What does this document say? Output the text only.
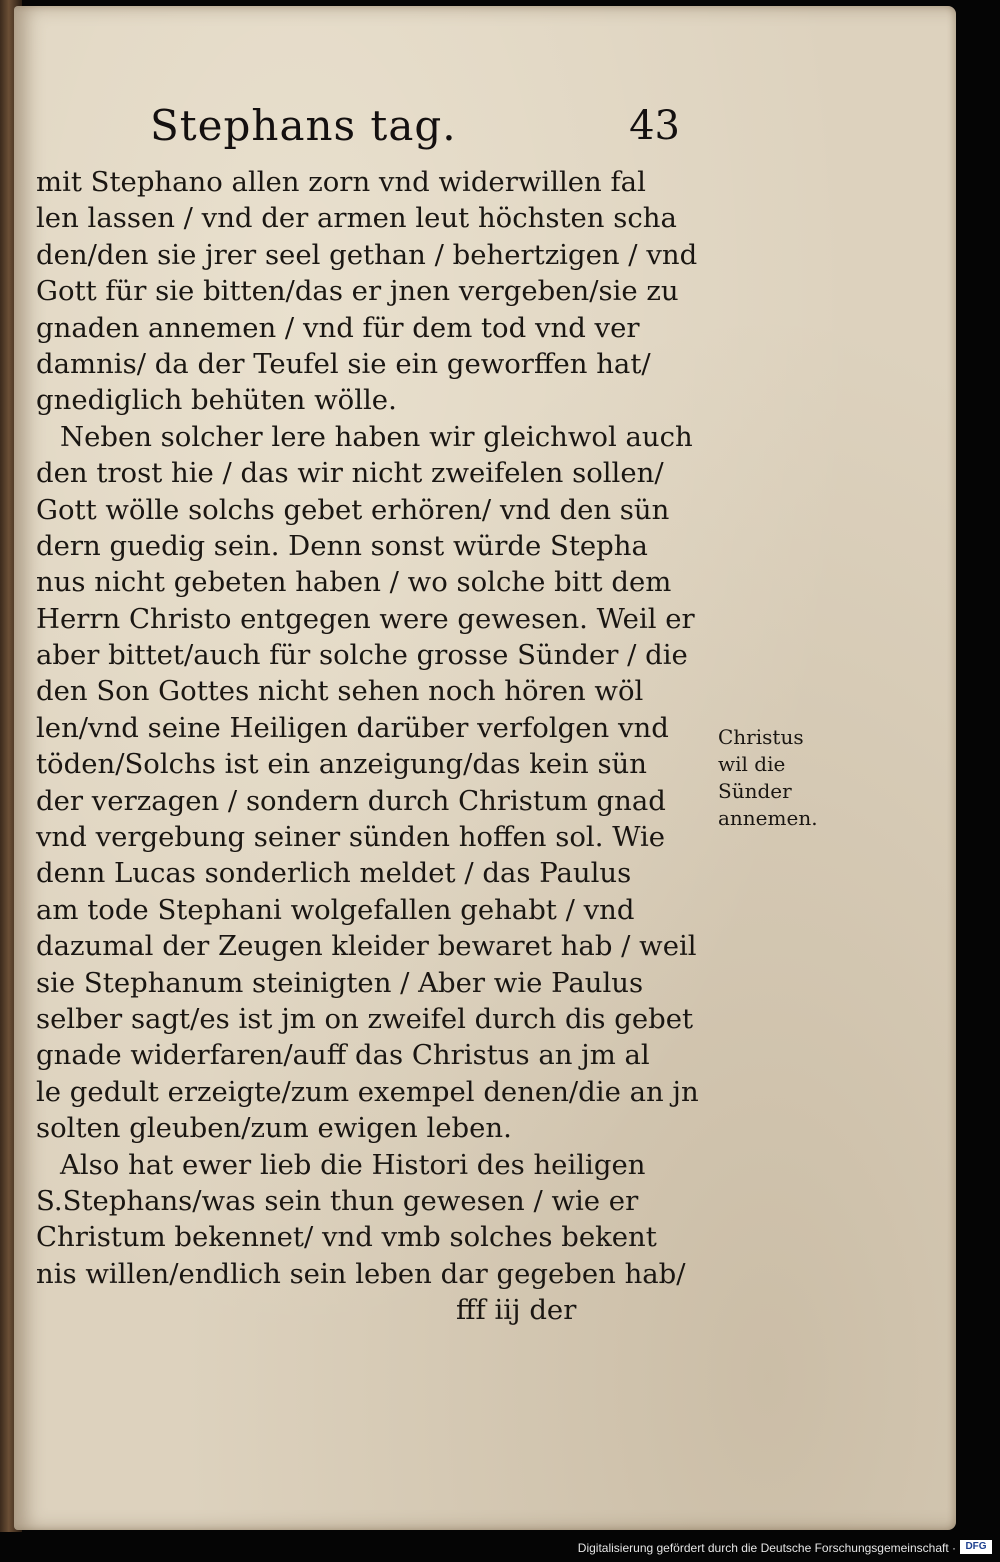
Stephans tag.	43
mit Stephano allen zorn vnd widerwillen fal
len lassen / vnd der armen leut höchsten scha
den/den sie jrer seel gethan / behertzigen / vnd
Gott für sie bitten/das er jnen vergeben/sie zu
gnaden annemen / vnd für dem tod vnd ver
damnis/ da der Teufel sie ein geworffen hat/
gnediglich behüten wölle.
Neben solcher lere haben wir gleichwol auch
den trost hie / das wir nicht zweifelen sollen/
Gott wölle solchs gebet erhören/ vnd den sün
dern guedig sein. Denn sonst würde Stepha
nus nicht gebeten haben / wo solche bitt dem
Herrn Christo entgegen were gewesen. Weil er
aber bittet/auch für solche grosse Sünder / die
den Son Gottes nicht sehen noch hören wöl
len/vnd seine Heiligen darüber verfolgen vnd
töden/Solchs ist ein anzeigung/das kein sün
der verzagen / sondern durch Christum gnad
vnd vergebung seiner sünden hoffen sol. Wie
denn Lucas sonderlich meldet / das Paulus
am tode Stephani wolgefallen gehabt / vnd
dazumal der Zeugen kleider bewaret hab / weil
sie Stephanum steinigten / Aber wie Paulus
selber sagt/es ist jm on zweifel durch dis gebet
gnade widerfaren/auff das Christus an jm al
le gedult erzeigte/zum exempel denen/die an jn
solten gleuben/zum ewigen leben.
Also hat ewer lieb die Histori des heiligen
S.Stephans/was sein thun gewesen / wie er
Christum bekennet/ vnd vmb solches bekent
nis willen/endlich sein leben dar gegeben hab/
fff iij der
Christus
wil die
Sünder
annemen.
Digitalisierung gefördert durch die Deutsche Forschungsgemeinschaft · DFG
